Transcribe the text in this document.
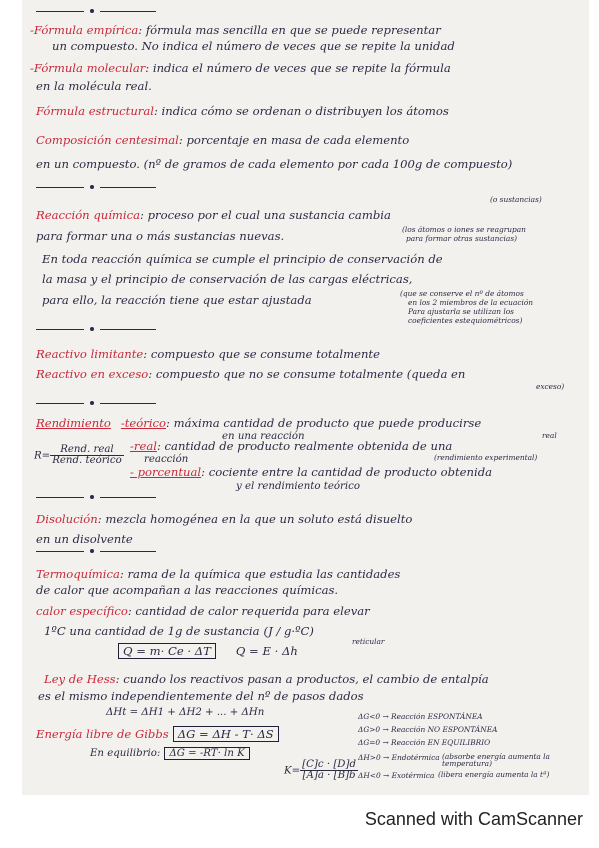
-Fórmula empírica: fórmula mas sencilla en que se puede representar
un compuesto. No indica el número de veces que se repite la unidad
-Fórmula molecular: indica el número de veces que se repite la fórmula
en la molécula real.
Fórmula estructural: indica cómo se ordenan o distribuyen los átomos
Composición centesimal: porcentaje en masa de cada elemento
en un compuesto. (nº de gramos de cada elemento por cada 100g de compuesto)
(o sustancias)
Reacción química: proceso por el cual una sustancia cambia
para formar una o más sustancias nuevas.	(los átomos o iones se reagrupan
para formar otras sustancias)
En toda reacción química se cumple el principio de conservación de
la masa y el principio de conservación de las cargas eléctricas,
para ello, la reacción tiene que estar ajustada	(que se conserve el nº de átomos
en los 2 miembros de la ecuación
Para ajustarla se utilizan los
coeficientes estequiométricos)
Reactivo limitante: compuesto que se consume totalmente
Reactivo en exceso: compuesto que no se consume totalmente (queda en
exceso)
Rendimiento -teórico: máxima cantidad de producto que puede producirse
en una reacción
$R= \frac{\text{Rend. real}}{\text{Rend. teórico}}$ -real: cantidad de producto realmente obtenida de una
real
reacción	(rendimiento experimental)
- porcentual: cociente entre la cantidad de producto obtenida
y el rendimiento teórico
Disolución: mezcla homogénea en la que un soluto está disuelto
en un disolvente
Termoquímica: rama de la química que estudia las cantidades
de calor que acompañan a las reacciones químicas.
calor específico: cantidad de calor requerida para elevar
1ºC una cantidad de 1g de sustancia (J / g·ºC)
reticular
Q = m· Ce · ΔT Q = E · Δh
Ley de Hess: cuando los reactivos pasan a productos, el cambio de entalpía
es el mismo independientemente del nº de pasos dados
ΔHt = ΔH1 + ΔH2 + ... + ΔHn	ΔG<0 → Reacción ESPONTÁNEA
Energía libre de Gibbs ΔG = ΔH - T· ΔS	ΔG>0 → Reacción NO ESPONTÁNEA
ΔG=0 → Reacción EN EQUILIBRIO
En equilibrio: ΔG = -RT· ln K
$K= \frac{[C]c \cdot [D]d}{[A]a \cdot [B]b}$
ΔH>0 → Endotérmica (absorbe energía aumenta la temperatura)
ΔH<0 → Exotérmica (libera energía aumenta la tª)
Scanned with CamScanner
